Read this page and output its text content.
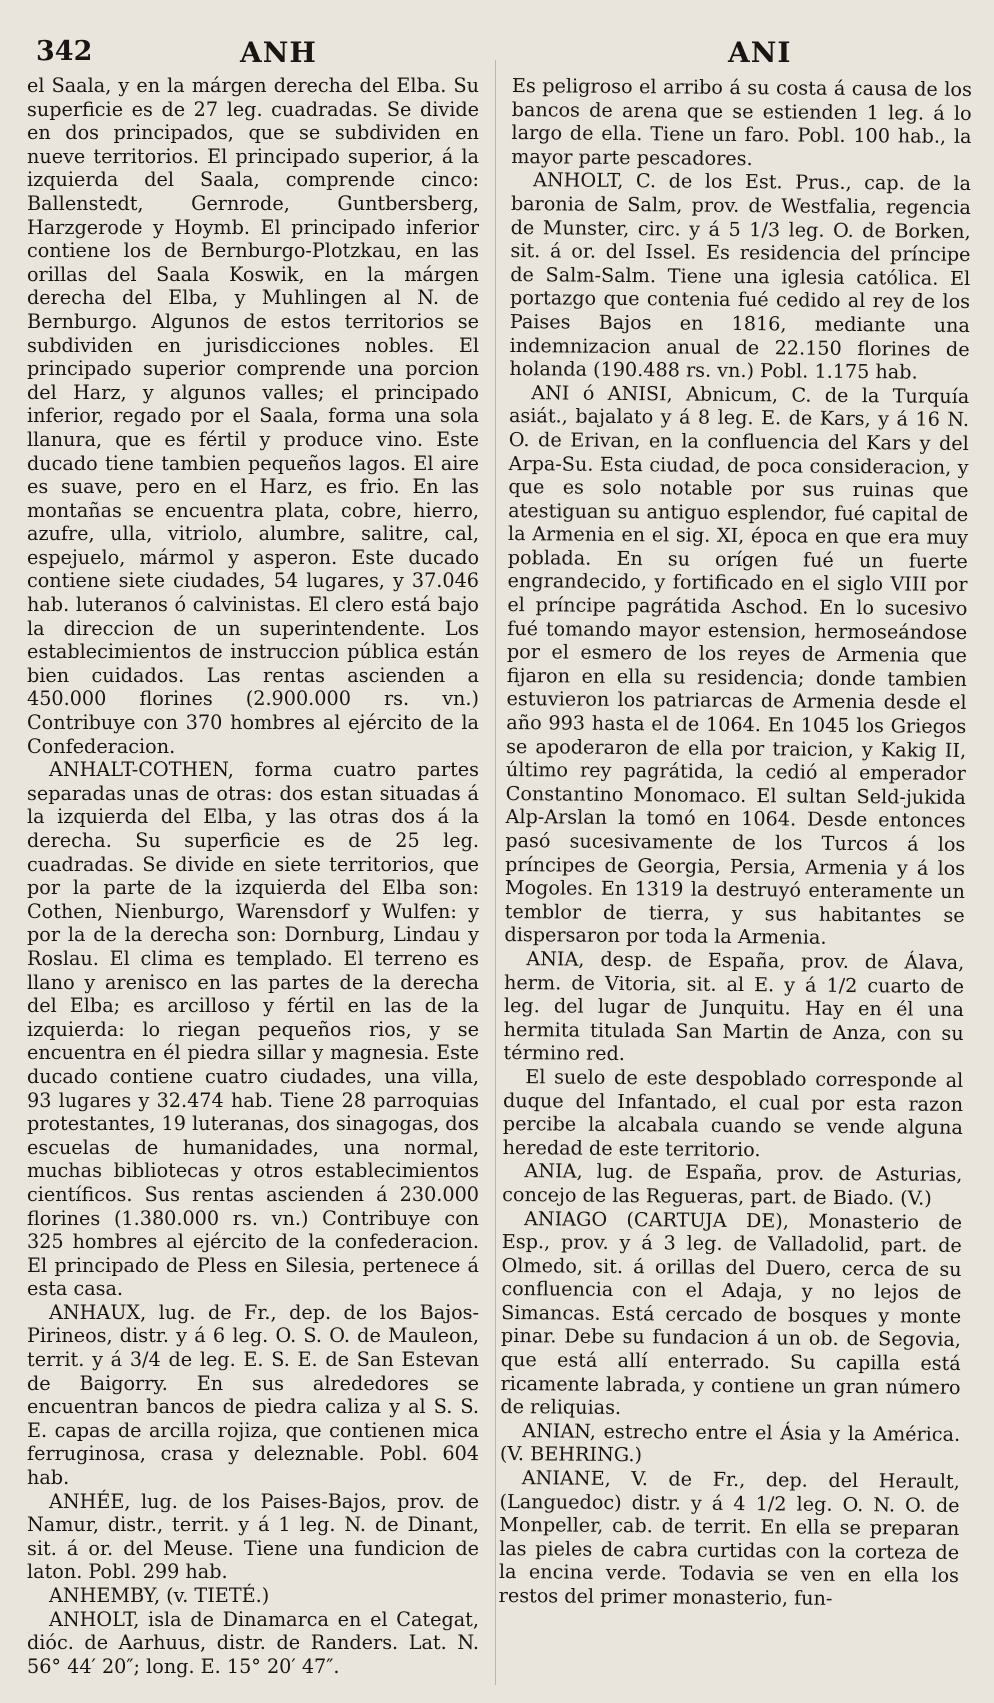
342	ANH	ANI

el Saala, y en la márgen derecha del Elba. Su superficie es de 27 leg. cuadradas. Se divide en dos principados, que se subdividen en nueve territorios. El principado superior, á la izquierda del Saala, comprende cinco: Ballenstedt, Gernrode, Guntbersberg, Harzgerode y Hoymb. El principado inferior contiene los de Bernburgo-Plotzkau, en las orillas del Saala Koswik, en la márgen derecha del Elba, y Muhlingen al N. de Bernburgo. Algunos de estos territorios se subdividen en jurisdicciones nobles. El principado superior comprende una porcion del Harz, y algunos valles; el principado inferior, regado por el Saala, forma una sola llanura, que es fértil y produce vino. Este ducado tiene tambien pequeños lagos. El aire es suave, pero en el Harz, es frio. En las montañas se encuentra plata, cobre, hierro, azufre, ulla, vitriolo, alumbre, salitre, cal, espejuelo, mármol y asperon. Este ducado contiene siete ciudades, 54 lugares, y 37.046 hab. luteranos ó calvinistas. El clero está bajo la direccion de un superintendente. Los establecimientos de instruccion pública están bien cuidados. Las rentas ascienden a 450.000 florines (2.900.000 rs. vn.) Contribuye con 370 hombres al ejército de la Confederacion.

ANHALT-COTHEN, forma cuatro partes separadas unas de otras: dos estan situadas á la izquierda del Elba, y las otras dos á la derecha. Su superficie es de 25 leg. cuadradas. Se divide en siete territorios, que por la parte de la izquierda del Elba son: Cothen, Nienburgo, Warensdorf y Wulfen: y por la de la derecha son: Dornburg, Lindau y Roslau. El clima es templado. El terreno es llano y arenisco en las partes de la derecha del Elba; es arcilloso y fértil en las de la izquierda: lo riegan pequeños rios, y se encuentra en él piedra sillar y magnesia. Este ducado contiene cuatro ciudades, una villa, 93 lugares y 32.474 hab. Tiene 28 parroquias protestantes, 19 luteranas, dos sinagogas, dos escuelas de humanidades, una normal, muchas bibliotecas y otros establecimientos científicos. Sus rentas ascienden á 230.000 florines (1.380.000 rs. vn.) Contribuye con 325 hombres al ejército de la confederacion. El principado de Pless en Silesia, pertenece á esta casa.

ANHAUX, lug. de Fr., dep. de los Bajos-Pirineos, distr. y á 6 leg. O. S. O. de Mauleon, territ. y á 3/4 de leg. E. S. E. de San Estevan de Baigorry. En sus alrededores se encuentran bancos de piedra caliza y al S. S. E. capas de arcilla rojiza, que contienen mica ferruginosa, crasa y deleznable. Pobl. 604 hab.

ANHÉE, lug. de los Paises-Bajos, prov. de Namur, distr., territ. y á 1 leg. N. de Dinant, sit. á or. del Meuse. Tiene una fundicion de laton. Pobl. 299 hab.

ANHEMBY, (v. TIETÉ.)

ANHOLT, isla de Dinamarca en el Categat, dióc. de Aarhuus, distr. de Randers. Lat. N. 56° 44′ 20″; long. E. 15° 20′ 47″.

Es peligroso el arribo á su costa á causa de los bancos de arena que se estienden 1 leg. á lo largo de ella. Tiene un faro. Pobl. 100 hab., la mayor parte pescadores.

ANHOLT, C. de los Est. Prus., cap. de la baronia de Salm, prov. de Westfalia, regencia de Munster, circ. y á 5 1/3 leg. O. de Borken, sit. á or. del Issel. Es residencia del príncipe de Salm-Salm. Tiene una iglesia católica. El portazgo que contenia fué cedido al rey de los Paises Bajos en 1816, mediante una indemnizacion anual de 22.150 florines de holanda (190.488 rs. vn.) Pobl. 1.175 hab.

ANI ó ANISI, Abnicum, C. de la Turquía asiát., bajalato y á 8 leg. E. de Kars, y á 16 N. O. de Erivan, en la confluencia del Kars y del Arpa-Su. Esta ciudad, de poca consideracion, y que es solo notable por sus ruinas que atestiguan su antiguo esplendor, fué capital de la Armenia en el sig. XI, época en que era muy poblada. En su orígen fué un fuerte engrandecido, y fortificado en el siglo VIII por el príncipe pagrátida Aschod. En lo sucesivo fué tomando mayor estension, hermoseándose por el esmero de los reyes de Armenia que fijaron en ella su residencia; donde tambien estuvieron los patriarcas de Armenia desde el año 993 hasta el de 1064. En 1045 los Griegos se apoderaron de ella por traicion, y Kakig II, último rey pagrátida, la cedió al emperador Constantino Monomaco. El sultan Seld-jukida Alp-Arslan la tomó en 1064. Desde entonces pasó sucesivamente de los Turcos á los príncipes de Georgia, Persia, Armenia y á los Mogoles. En 1319 la destruyó enteramente un temblor de tierra, y sus habitantes se dispersaron por toda la Armenia.

ANIA, desp. de España, prov. de Álava, herm. de Vitoria, sit. al E. y á 1/2 cuarto de leg. del lugar de Junquitu. Hay en él una hermita titulada San Martin de Anza, con su término red.

El suelo de este despoblado corresponde al duque del Infantado, el cual por esta razon percibe la alcabala cuando se vende alguna heredad de este territorio.

ANIA, lug. de España, prov. de Asturias, concejo de las Regueras, part. de Biado. (V.)

ANIAGO (CARTUJA DE), Monasterio de Esp., prov. y á 3 leg. de Valladolid, part. de Olmedo, sit. á orillas del Duero, cerca de su confluencia con el Adaja, y no lejos de Simancas. Está cercado de bosques y monte pinar. Debe su fundacion á un ob. de Segovia, que está allí enterrado. Su capilla está ricamente labrada, y contiene un gran número de reliquias.

ANIAN, estrecho entre el Ásia y la América. (V. BEHRING.)

ANIANE, V. de Fr., dep. del Herault, (Languedoc) distr. y á 4 1/2 leg. O. N. O. de Monpeller, cab. de territ. En ella se preparan las pieles de cabra curtidas con la corteza de la encina verde. Todavia se ven en ella los restos del primer monasterio, fun-
